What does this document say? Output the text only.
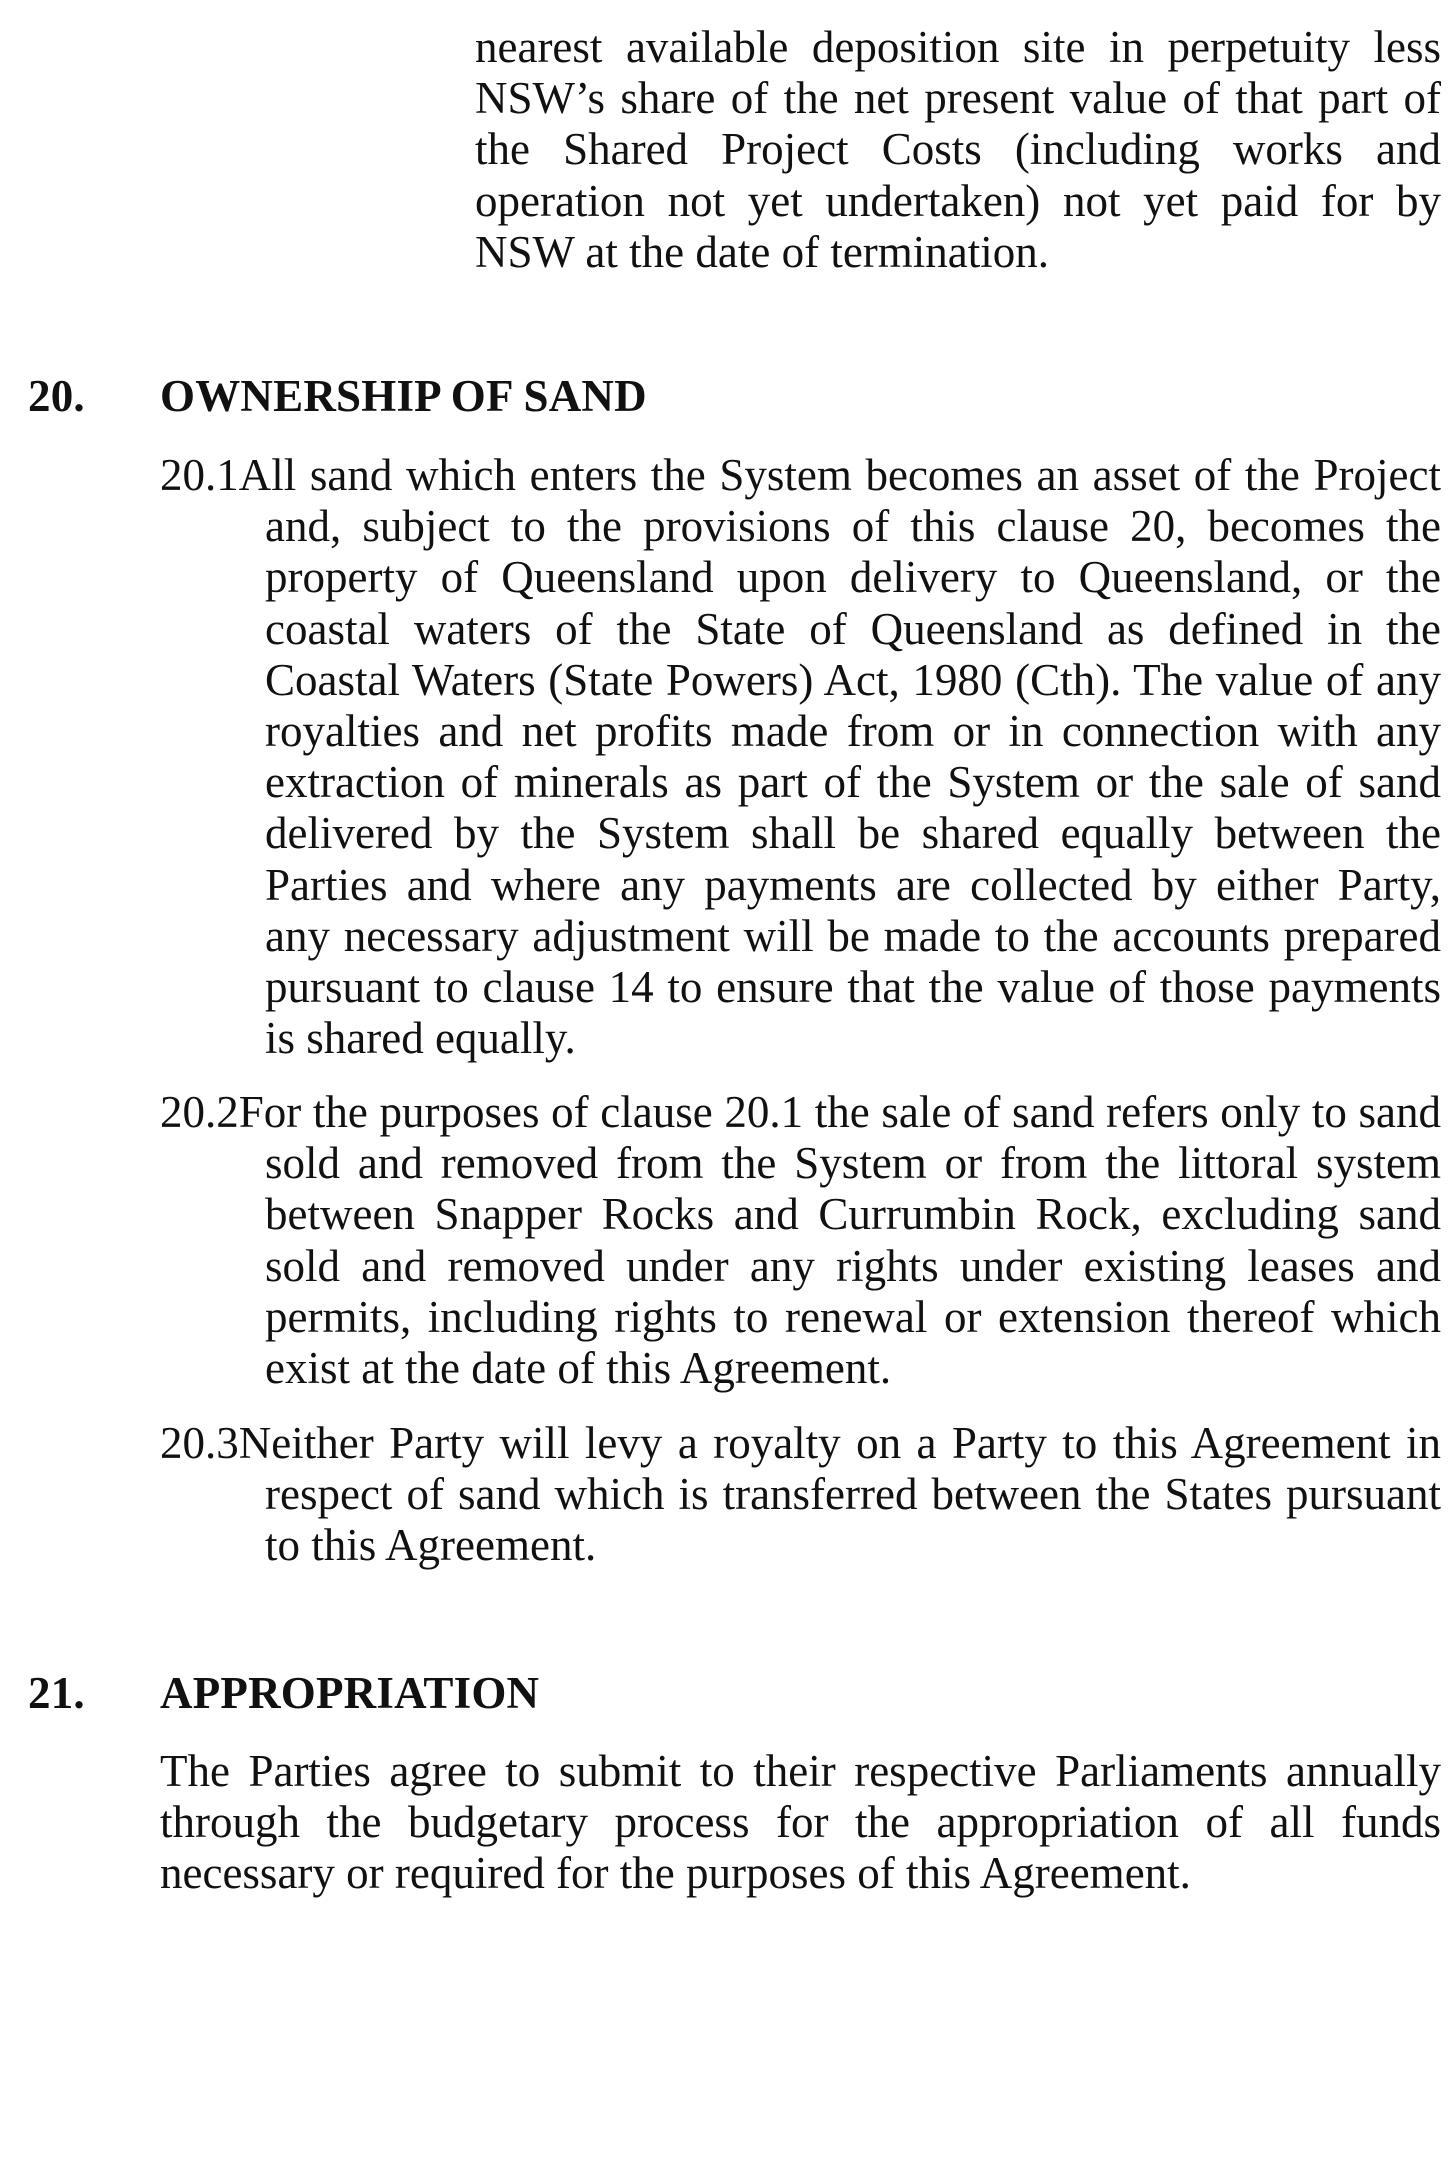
nearest available deposition site in perpetuity less NSW’s share of the net present value of that part of the Shared Project Costs (including works and operation not yet undertaken) not yet paid for by NSW at the date of termination.

20. OWNERSHIP OF SAND

20.1All sand which enters the System becomes an asset of the Project and, subject to the provisions of this clause 20, becomes the property of Queensland upon delivery to Queensland, or the coastal waters of the State of Queensland as defined in the Coastal Waters (State Powers) Act, 1980 (Cth). The value of any royalties and net profits made from or in connection with any extraction of minerals as part of the System or the sale of sand delivered by the System shall be shared equally between the Parties and where any payments are collected by either Party, any necessary adjustment will be made to the accounts prepared pursuant to clause 14 to ensure that the value of those payments is shared equally.

20.2For the purposes of clause 20.1 the sale of sand refers only to sand sold and removed from the System or from the littoral system between Snapper Rocks and Currumbin Rock, excluding sand sold and removed under any rights under existing leases and permits, including rights to renewal or extension thereof which exist at the date of this Agreement.

20.3Neither Party will levy a royalty on a Party to this Agreement in respect of sand which is transferred between the States pursuant to this Agreement.

21. APPROPRIATION

The Parties agree to submit to their respective Parliaments annually through the budgetary process for the appropriation of all funds necessary or required for the purposes of this Agreement.
